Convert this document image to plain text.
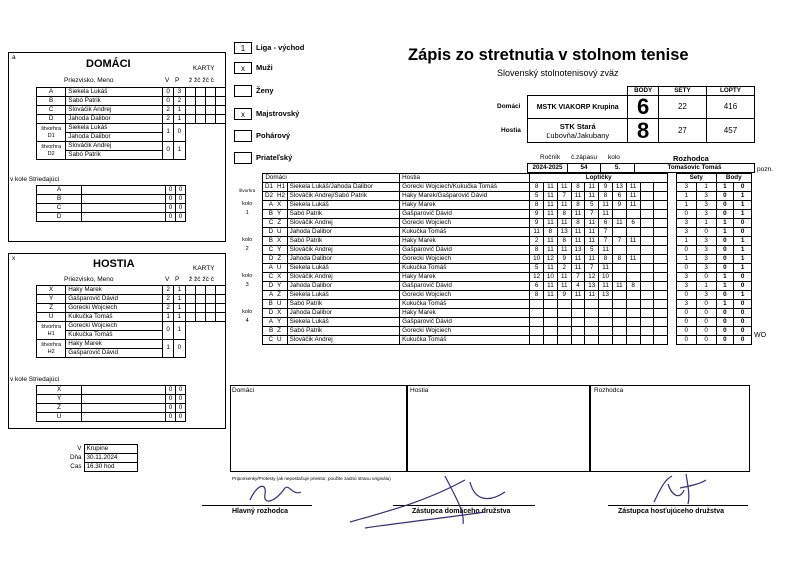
a
1	Liga - východ
x	Muži
Ženy
x	Majstrovský
Pohárový
Priateľský
Zápis zo stretnutia v stolnom tenise
Slovenský stolnotenisový zväz
	BODY	SETY	LOPTY
MSTK VIAKORP Krupina	6	22	416

STK Stará
Ľubovňa/Jakubany	8	27	457
Domáci
Hostia
Ročník č.zápasu kolo	Rozhodca
2024-2025	54	5.	Tomašovic Tomáš	pozn.
DOMÁCI	KARTY
Priezvisko, Meno	V P ž žč žč č
A	Siekela Lukáš	0	3				
B	Sabó Patrik	0	2				
C	Slováčik Andrej	2	1				
D	Jahoda Dalibor	2	1				
štvorhra D1	Siekela Lukáš	1	0				
	Jahoda Dalibor						
štvorhra D2	Slováčik Andrej	0	1				
	Sabó Patrik						
v kole Striedajúci
A		0	0
B		0	0
C		0	0
D		0	0
x	HOSTIA	KARTY
Priezvisko, Meno	V P ž žč žč č
X	Haky Marek	2	1				
Y	Gašparovič Dávid	2	1				
Z	Gorecki Wojciech	2	1				
U	Kukučka Tomáš	1	1				
štvorhra H1	Gorecki Wojciech	0	1				
	Kukučka Tomáš						
štvorhra H2	Haky Marek	1	0				
	Gašparovič Dávid						
v kole Striedajúci
X		0	0
Y		0	0
Z		0	0
U		0	0
	Domáci		Hostia	Loptičky											Sety		Body	
štvorhra	D1 H1	Siekela Lukáš/Jahoda Dalibor	Gorecki Wojciech/Kukučka Tomáš	8	11	11	8	11	9	13	11				3	1	1	0
	D2 H2	Slováčik Andrej/Sabó Patrik	Haky Marek/Gašparovič Dávid	5	11	7	11	11	8	6	11				1	3	0	1
kolo	A X	Siekela Lukáš	Haky Marek	8	11	11	8	5	11	9	11				1	3	0	1
1	B Y	Sabó Patrik	Gašparovič Dávid	9	11	8	11	7	11						0	3	0	1
	C Z	Slováčik Andrej	Gorecki Wojciech	9	11	11	8	11	6	11	6				3	1	1	0
	D U	Jahoda Dalibor	Kukučka Tomáš	11	8	13	11	11	7						3	0	1	0
kolo	B X	Sabó Patrik	Haky Marek	2	11	8	11	11	7	7	11				1	3	0	1
2	C Y	Slováčik Andrej	Gašparovič Dávid	8	11	11	13	5	11						0	3	0	1
	D Z	Jahoda Dalibor	Gorecki Wojciech	10	12	9	11	11	8	8	11				1	3	0	1
	A U	Siekela Lukáš	Kukučka Tomáš	5	11	2	11	7	11						0	3	0	1
kolo	C X	Slováčik Andrej	Haky Marek	12	10	11	7	12	10						3	0	1	0
3	D Y	Jahoda Dalibor	Gašparovič Dávid	6	11	11	4	13	11	11	8				3	1	1	0
	A Z	Siekela Lukáš	Gorecki Wojciech	8	11	9	11	11	13						0	3	0	1
	B U	Sabó Patrik	Kukučka Tomáš												3	0	1	0
kolo	D X	Jahoda Dalibor	Haky Marek												0	0	0	0
4	A Y	Siekela Lukáš	Gašparovič Dávid												0	0	0	0
	B Z	Sabó Patrik	Gorecki Wojciech												0	0	0	0
	C U	Slováčik Andrej	Kukučka Tomáš												0	0	0	0
WO
Domáci	Hostia	Rozhodca
V	Krupine
Dňa	30.11.2024
Čas	16.30 hod
Pripomienky/Protesty (ak nepostačuje priestor, použite zadnú stranu originálu)
Hlavný rozhodca	Zástupca domáceho družstva	Zástupca hosťujúceho družstva
